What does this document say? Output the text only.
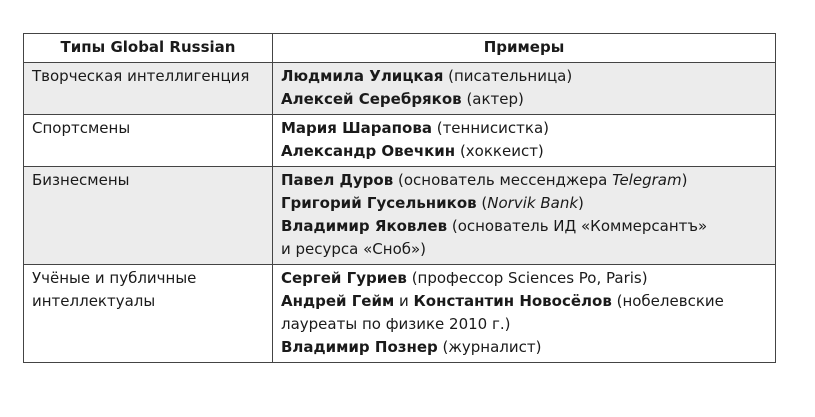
Типы Global Russian	Примеры

Творческая интеллигенция	Людмила Улицкая (писательница)
Алексей Серебряков (актер)

Спортсмены	Мария Шарапова (теннисистка)
Александр Овечкин (хоккеист)

Бизнесмены	Павел Дуров (основатель мессенджера Telegram)
Григорий Гусельников (Norvik Bank)
Владимир Яковлев (основатель ИД «Коммерсантъ»
и ресурса «Сноб»)

Учёные и публичные
интеллектуалы	Сергей Гуриев (профессор Sciences Po, Paris)
Андрей Гейм и Константин Новосёлов (нобелевские
лауреаты по физике 2010 г.)
Владимир Познер (журналист)
